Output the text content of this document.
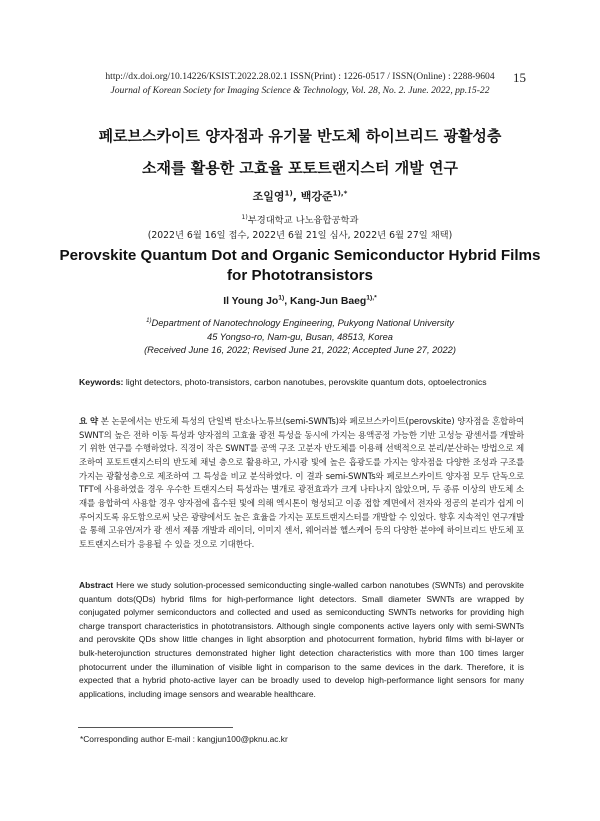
http://dx.doi.org/10.14226/KSIST.2022.28.02.1 ISSN(Print) : 1226-0517 / ISSN(Online) : 2288-9604
Journal of Korean Society for Imaging Science & Technology, Vol. 28, No. 2. June. 2022, pp.15-22
15
페로브스카이트 양자점과 유기물 반도체 하이브리드 광활성층
소재를 활용한 고효율 포토트랜지스터 개발 연구
조일영$^{1)}$, 백강준$^{1),*}$
$^{1)}$부경대학교 나노융합공학과
(2022년 6월 16일 접수, 2022년 6월 21일 심사, 2022년 6월 27일 채택)
Perovskite Quantum Dot and Organic Semiconductor Hybrid Films
for Phototransistors
Il Young Jo$^{1)}$, Kang-Jun Baeg$^{1),*}$
$^{1)}$Department of Nanotechnology Engineering, Pukyong National University
45 Yongso-ro, Nam-gu, Busan, 48513, Korea
(Received June 16, 2022; Revised June 21, 2022; Accepted June 27, 2022)
Keywords: light detectors, photo-transistors, carbon nanotubes, perovskite quantum dots, optoelectronics
요 약 본 논문에서는 반도체 특성의 단일벽 탄소나노튜브(semi-SWNTs)와 페로브스카이트(perovskite) 양자점을 혼합하여 SWNT의 높은 전하 이동 특성과 양자점의 고효율 광전 특성을 동시에 가지는 용액공정 가능한 기반 고성능 광센서를 개발하기 위한 연구를 수행하였다. 직경이 작은 SWNT를 공액 구조 고분자 반도체를 이용해 선택적으로 분리/분산하는 방법으로 제조하여 포토트랜지스터의 반도체 채널 층으로 활용하고, 가시광 빛에 높은 흡광도를 가지는 양자점을 다양한 조성과 구조를 가지는 광활성층으로 제조하여 그 특성을 비교 분석하였다. 이 결과 semi-SWNTs와 페로브스카이트 양자점 모두 단독으로 TFT에 사용하였을 경우 우수한 트랜지스터 특성과는 별개로 광전효과가 크게 나타나지 않았으며, 두 종류 이상의 반도체 소재를 융합하여 사용할 경우 양자점에 흡수된 빛에 의해 엑시톤이 형성되고 이종 접합 계면에서 전자와 정공의 분리가 쉽게 이루어지도록 유도함으로써 낮은 광량에서도 높은 효율을 가지는 포토트랜지스터를 개발할 수 있었다. 향후 지속적인 연구개발을 통해 고유연/저가 광 센서 제품 개발과 레이더, 이미지 센서, 웨어러블 헬스케어 등의 다양한 분야에 하이브리드 반도체 포토트랜지스터가 응용될 수 있을 것으로 기대한다.
Abstract Here we study solution-processed semiconducting single-walled carbon nanotubes (SWNTs) and perovskite quantum dots(QDs) hybrid films for high-performance light detectors. Small diameter SWNTs are wrapped by conjugated polymer semiconductors and collected and used as semiconducting SWNTs networks for providing high charge transport characteristics in phototransistors. Although single components active layers only with semi-SWNTs and perovskite QDs show little changes in light absorption and photocurrent formation, hybrid films with bi-layer or bulk-heterojunction structures demonstrated higher light detection characteristics with more than 100 times larger photocurrent under the illumination of visible light in comparison to the same devices in the dark. Therefore, it is expected that a hybrid photo-active layer can be broadly used to develop high-performance light sensors for many applications, including image sensors and wearable healthcare.
*Corresponding author E-mail : kangjun100@pknu.ac.kr
